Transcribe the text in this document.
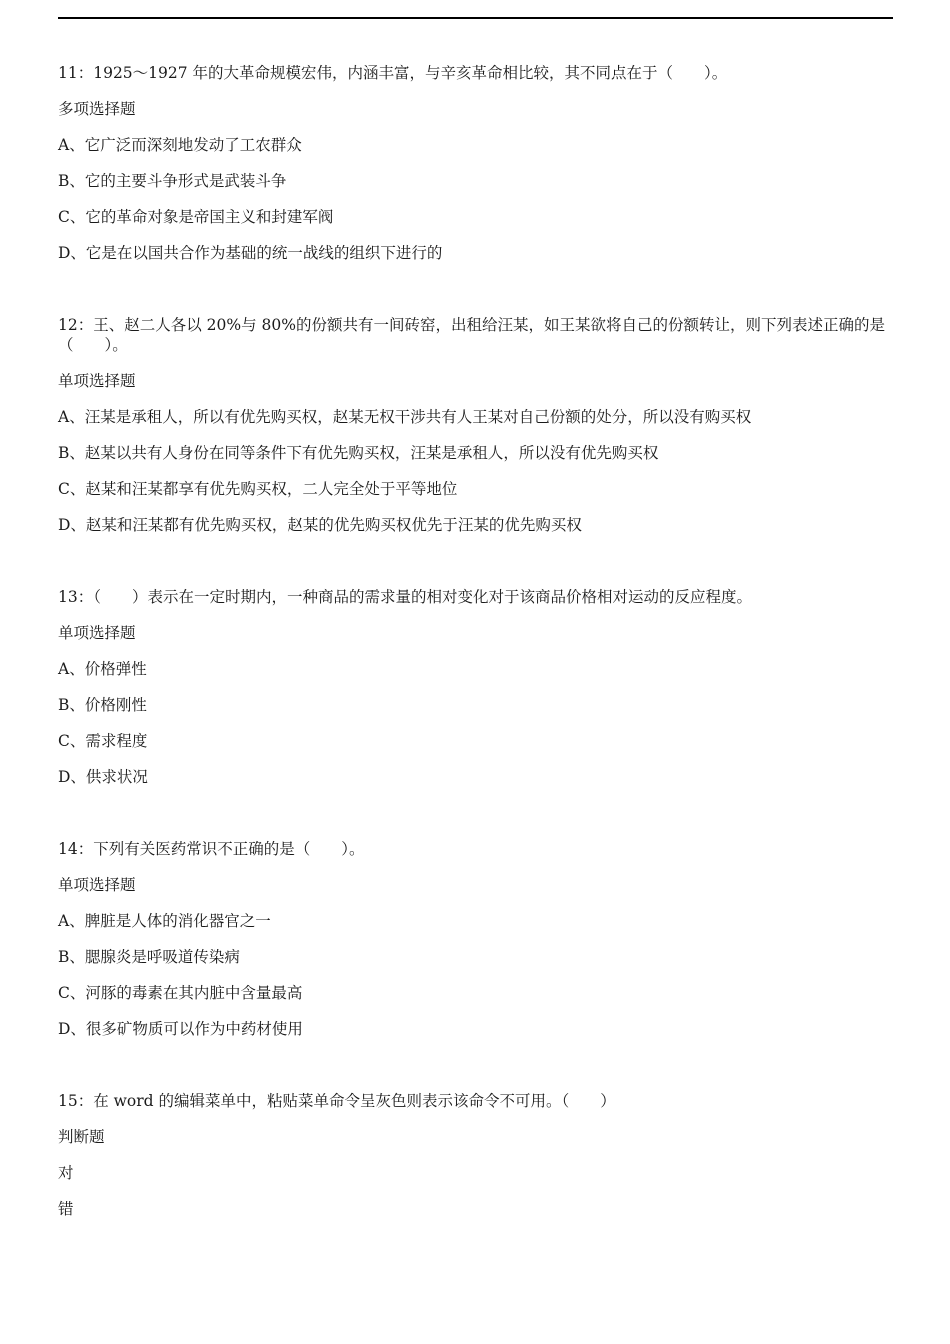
11：1925～1927 年的大革命规模宏伟，内涵丰富，与辛亥革命相比较，其不同点在于（　　）。

多项选择题

A、它广泛而深刻地发动了工农群众

B、它的主要斗争形式是武装斗争

C、它的革命对象是帝国主义和封建军阀

D、它是在以国共合作为基础的统一战线的组织下进行的

12：王、赵二人各以 20%与 80%的份额共有一间砖窑，出租给汪某，如王某欲将自己的份额转让，则下列表述正确的是（　　）。

单项选择题

A、汪某是承租人，所以有优先购买权，赵某无权干涉共有人王某对自己份额的处分，所以没有购买权

B、赵某以共有人身份在同等条件下有优先购买权，汪某是承租人，所以没有优先购买权

C、赵某和汪某都享有优先购买权，二人完全处于平等地位

D、赵某和汪某都有优先购买权，赵某的优先购买权优先于汪某的优先购买权

13：（　　）表示在一定时期内，一种商品的需求量的相对变化对于该商品价格相对运动的反应程度。

单项选择题

A、价格弹性

B、价格刚性

C、需求程度

D、供求状况

14：下列有关医药常识不正确的是（　　）。

单项选择题

A、脾脏是人体的消化器官之一

B、腮腺炎是呼吸道传染病

C、河豚的毒素在其内脏中含量最高

D、很多矿物质可以作为中药材使用

15：在 word 的编辑菜单中，粘贴菜单命令呈灰色则表示该命令不可用。（　　）

判断题

对

错
